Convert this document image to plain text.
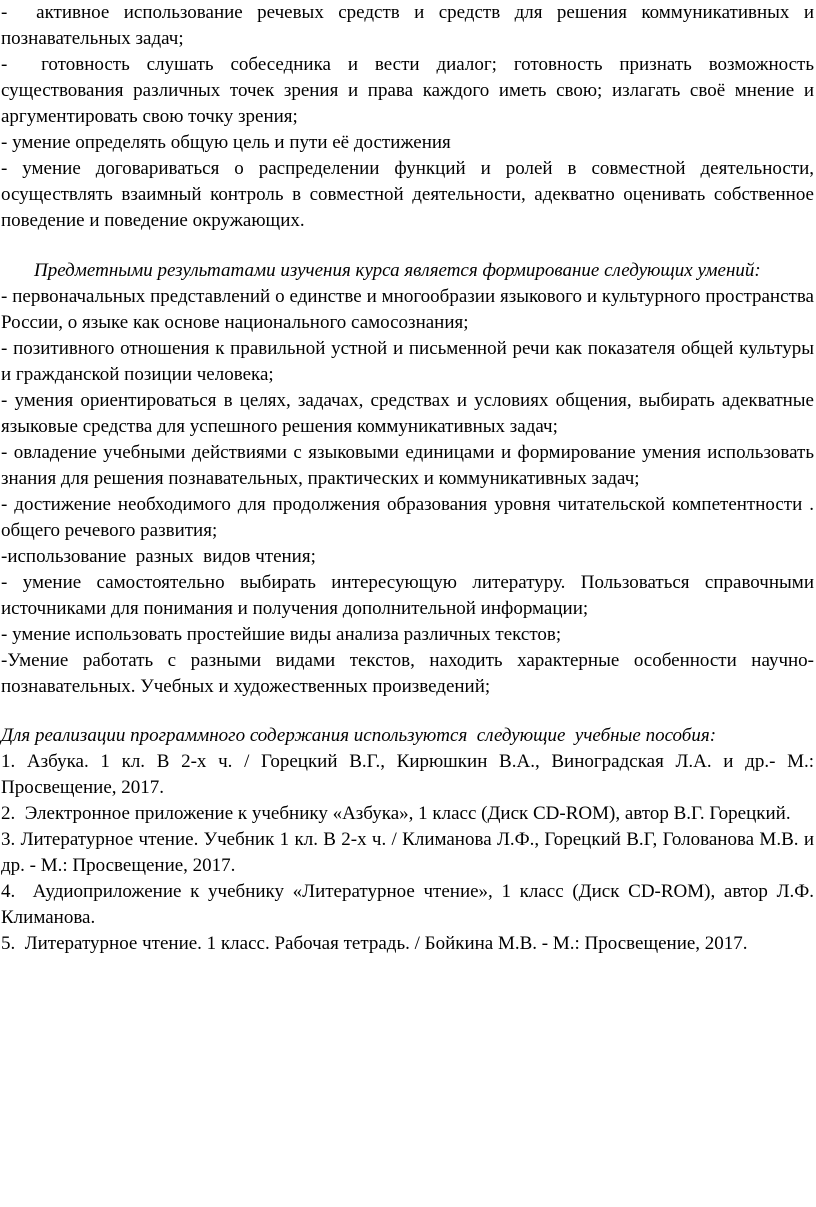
-  активное использование речевых средств и средств для решения коммуникативных и познавательных задач;

-  готовность слушать собеседника и вести диалог; готовность признать возможность существования различных точек зрения и права каждого иметь свою; излагать своё мнение и аргументировать свою точку зрения;

- умение определять общую цель и пути её достижения

- умение договариваться о распределении функций и ролей в совместной деятельности, осуществлять взаимный контроль в совместной деятельности, адекватно оценивать собственное поведение и поведение окружающих.

Предметными результатами изучения курса является формирование следующих умений:

- первоначальных представлений о единстве и многообразии языкового и культурного пространства России, о языке как основе национального самосознания;

- позитивного отношения к правильной устной и письменной речи как показателя общей культуры и гражданской позиции человека;

- умения ориентироваться в целях, задачах, средствах и условиях общения, выбирать адекватные языковые средства для успешного решения коммуникативных задач;

- овладение учебными действиями с языковыми единицами и формирование умения использовать знания для решения познавательных, практических и коммуникативных задач;

- достижение необходимого для продолжения образования уровня читательской компетентности . общего речевого развития;

-использование  разных  видов чтения;

- умение самостоятельно выбирать интересующую литературу. Пользоваться справочными источниками для понимания и получения дополнительной информации;

- умение использовать простейшие виды анализа различных текстов;

-Умение работать с разными видами текстов, находить характерные особенности научно-познавательных. Учебных и художественных произведений;

Для реализации программного содержания используются  следующие  учебные пособия:

1. Азбука. 1 кл. В 2-х ч. / Горецкий В.Г., Кирюшкин В.А., Виноградская Л.А. и др.- М.: Просвещение, 2017.

2.  Электронное приложение к учебнику «Азбука», 1 класс (Диск CD-ROM), автор В.Г. Горецкий.

3. Литературное чтение. Учебник 1 кл. В 2-х ч. / Климанова Л.Ф., Горецкий В.Г, Голованова М.В. и др. - М.: Просвещение, 2017.

4.  Аудиоприложение к учебнику «Литературное чтение», 1 класс (Диск CD-ROM), автор Л.Ф. Климанова.

5.  Литературное чтение. 1 класс. Рабочая тетрадь. / Бойкина М.В. - М.: Просвещение, 2017.
